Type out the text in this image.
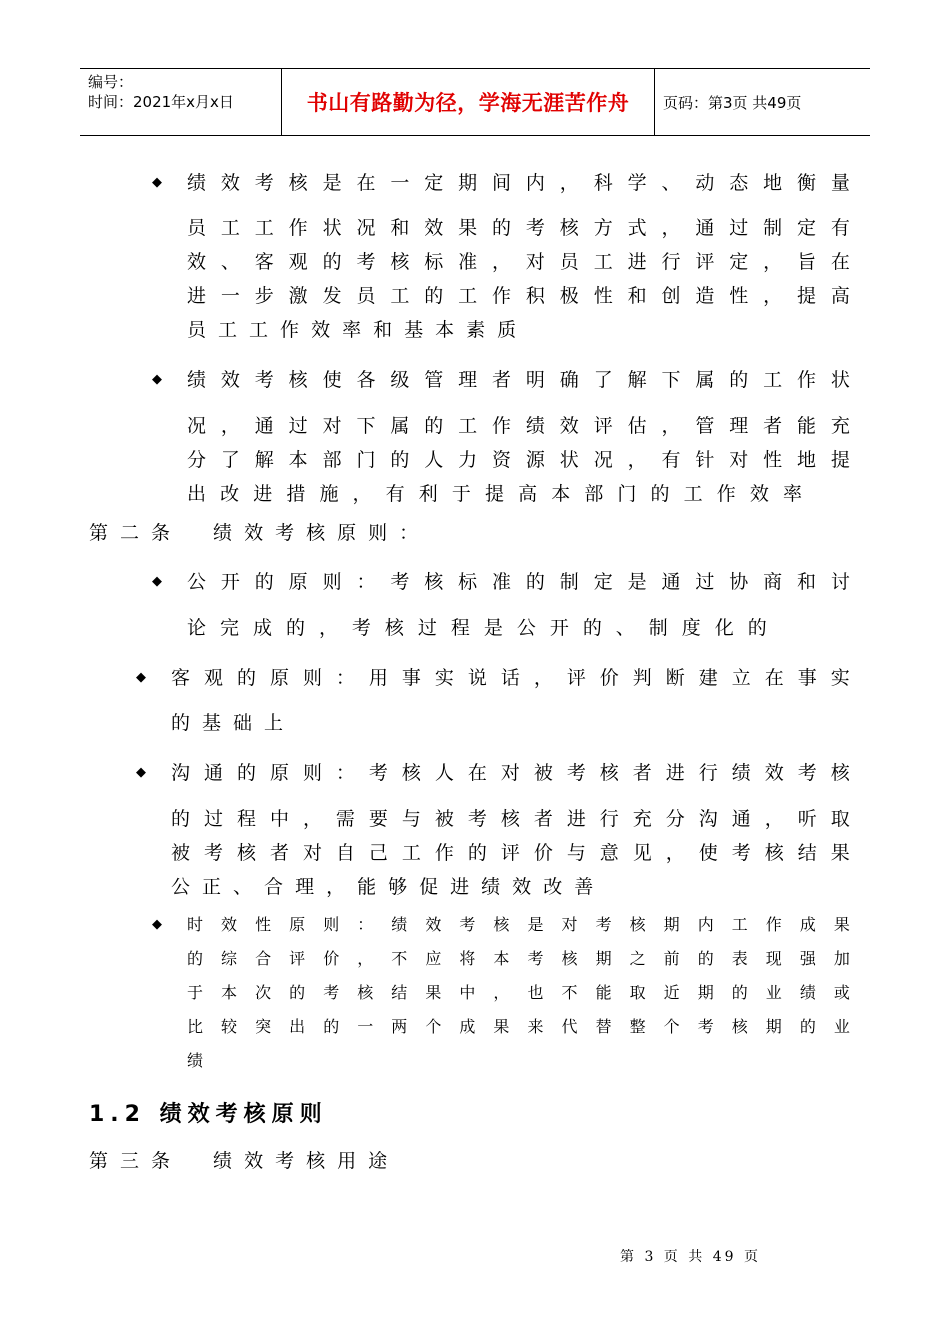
编号：
时间：2021年x月x日	书山有路勤为径，学海无涯苦作舟 页码：第3页 共49页
◆
◆
◆
◆
◆
◆
绩 效 考 核 是 在 一 定 期 间 内 ， 科 学 、 动 态 地 衡 量
员 工 工 作 状 况 和 效 果 的 考 核 方 式 ， 通 过 制 定 有
效 、 客 观 的 考 核 标 准 ， 对 员 工 进 行 评 定 ， 旨 在
进 一 步 激 发 员 工 的 工 作 积 极 性 和 创 造 性 ， 提 高
员 工 工 作 效 率 和 基 本 素 质
绩 效 考 核 使 各 级 管 理 者 明 确 了 解 下 属 的 工 作 状
况 ， 通 过 对 下 属 的 工 作 绩 效 评 估 ， 管 理 者 能 充
分 了 解 本 部 门 的 人 力 资 源 状 况 ， 有 针 对 性 地 提
出 改 进 措 施 ， 有 利 于 提 高 本 部 门 的 工 作 效 率
第 二 条
  绩 效 考 核 原 则 ：
公 开 的 原 则 ： 考 核 标 准 的 制 定 是 通 过 协 商 和 讨
论 完 成 的 ， 考 核 过 程 是 公 开 的 、 制 度 化 的
客 观 的 原 则 ： 用 事 实 说 话 ， 评 价 判 断 建 立 在 事 实
的 基 础 上
沟 通 的 原 则 ： 考 核 人 在 对 被 考 核 者 进 行 绩 效 考 核
的 过 程 中 ， 需 要 与 被 考 核 者 进 行 充 分 沟 通 ， 听 取
被 考 核 者 对 自 己 工 作 的 评 价 与 意 见 ， 使 考 核 结 果
公 正 、 合 理 ， 能 够 促 进 绩 效 改 善
时 效 性 原 则 ： 绩 效 考 核 是 对 考 核 期 内 工 作 成 果
的 综 合 评 价 ， 不 应 将 本 考 核 期 之 前 的 表 现 强 加
于 本 次 的 考 核 结 果 中 ， 也 不 能 取 近 期 的 业 绩 或
比 较 突 出 的 一 两 个 成 果 来 代 替 整 个 考 核 期 的 业
绩
1.2 绩效考核原则
第 三 条
  绩 效 考 核 用 途
第 3 页 共 49 页
